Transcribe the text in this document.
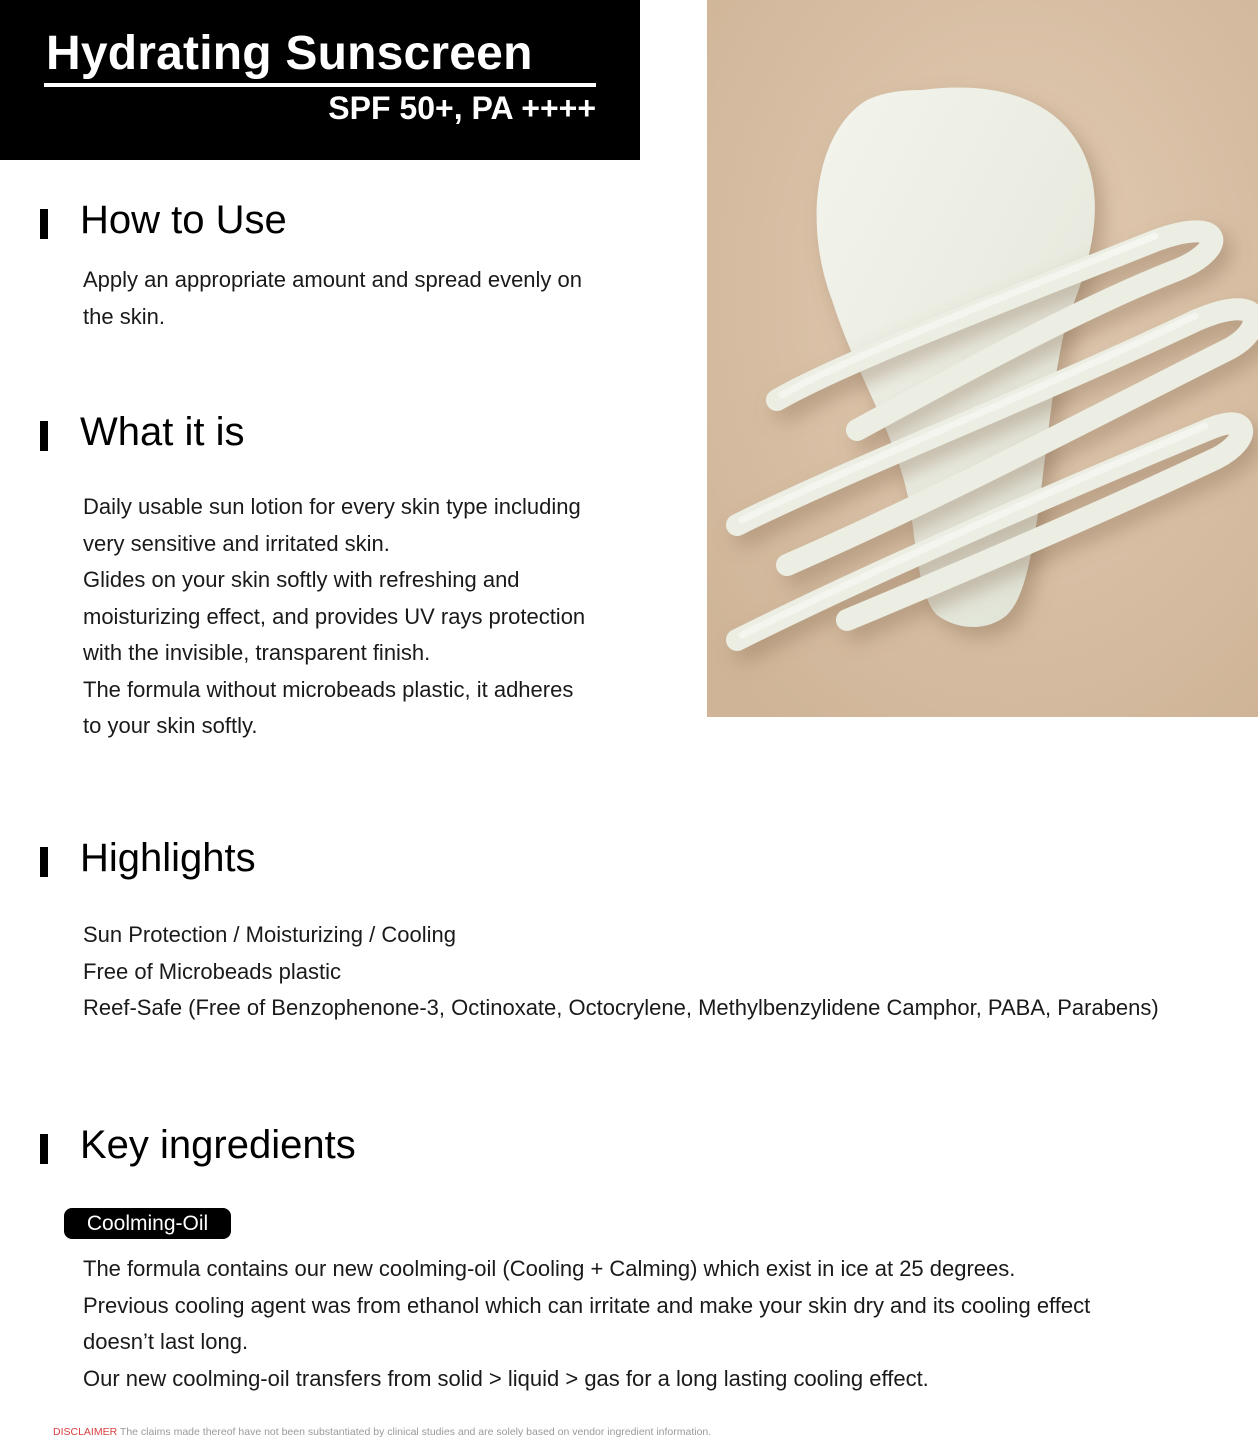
Hydrating Sunscreen
SPF 50+, PA ++++
How to Use
Apply an appropriate amount and spread evenly on
the skin.
What it is
Daily usable sun lotion for every skin type including
very sensitive and irritated skin.
Glides on your skin softly with refreshing and
moisturizing effect, and provides UV rays protection
with the invisible, transparent finish.
The formula without microbeads plastic, it adheres
to your skin softly.
Highlights
Sun Protection / Moisturizing / Cooling
Free of Microbeads plastic
Reef-Safe (Free of Benzophenone-3, Octinoxate, Octocrylene, Methylbenzylidene Camphor, PABA, Parabens)
Key ingredients
Coolming-Oil
The formula contains our new coolming-oil (Cooling + Calming) which exist in ice at 25 degrees.
Previous cooling agent was from ethanol which can irritate and make your skin dry and its cooling effect
doesn’t last long.
Our new coolming-oil transfers from solid > liquid > gas for a long lasting cooling effect.
DISCLAIMER The claims made thereof have not been substantiated by clinical studies and are solely based on vendor ingredient information.
